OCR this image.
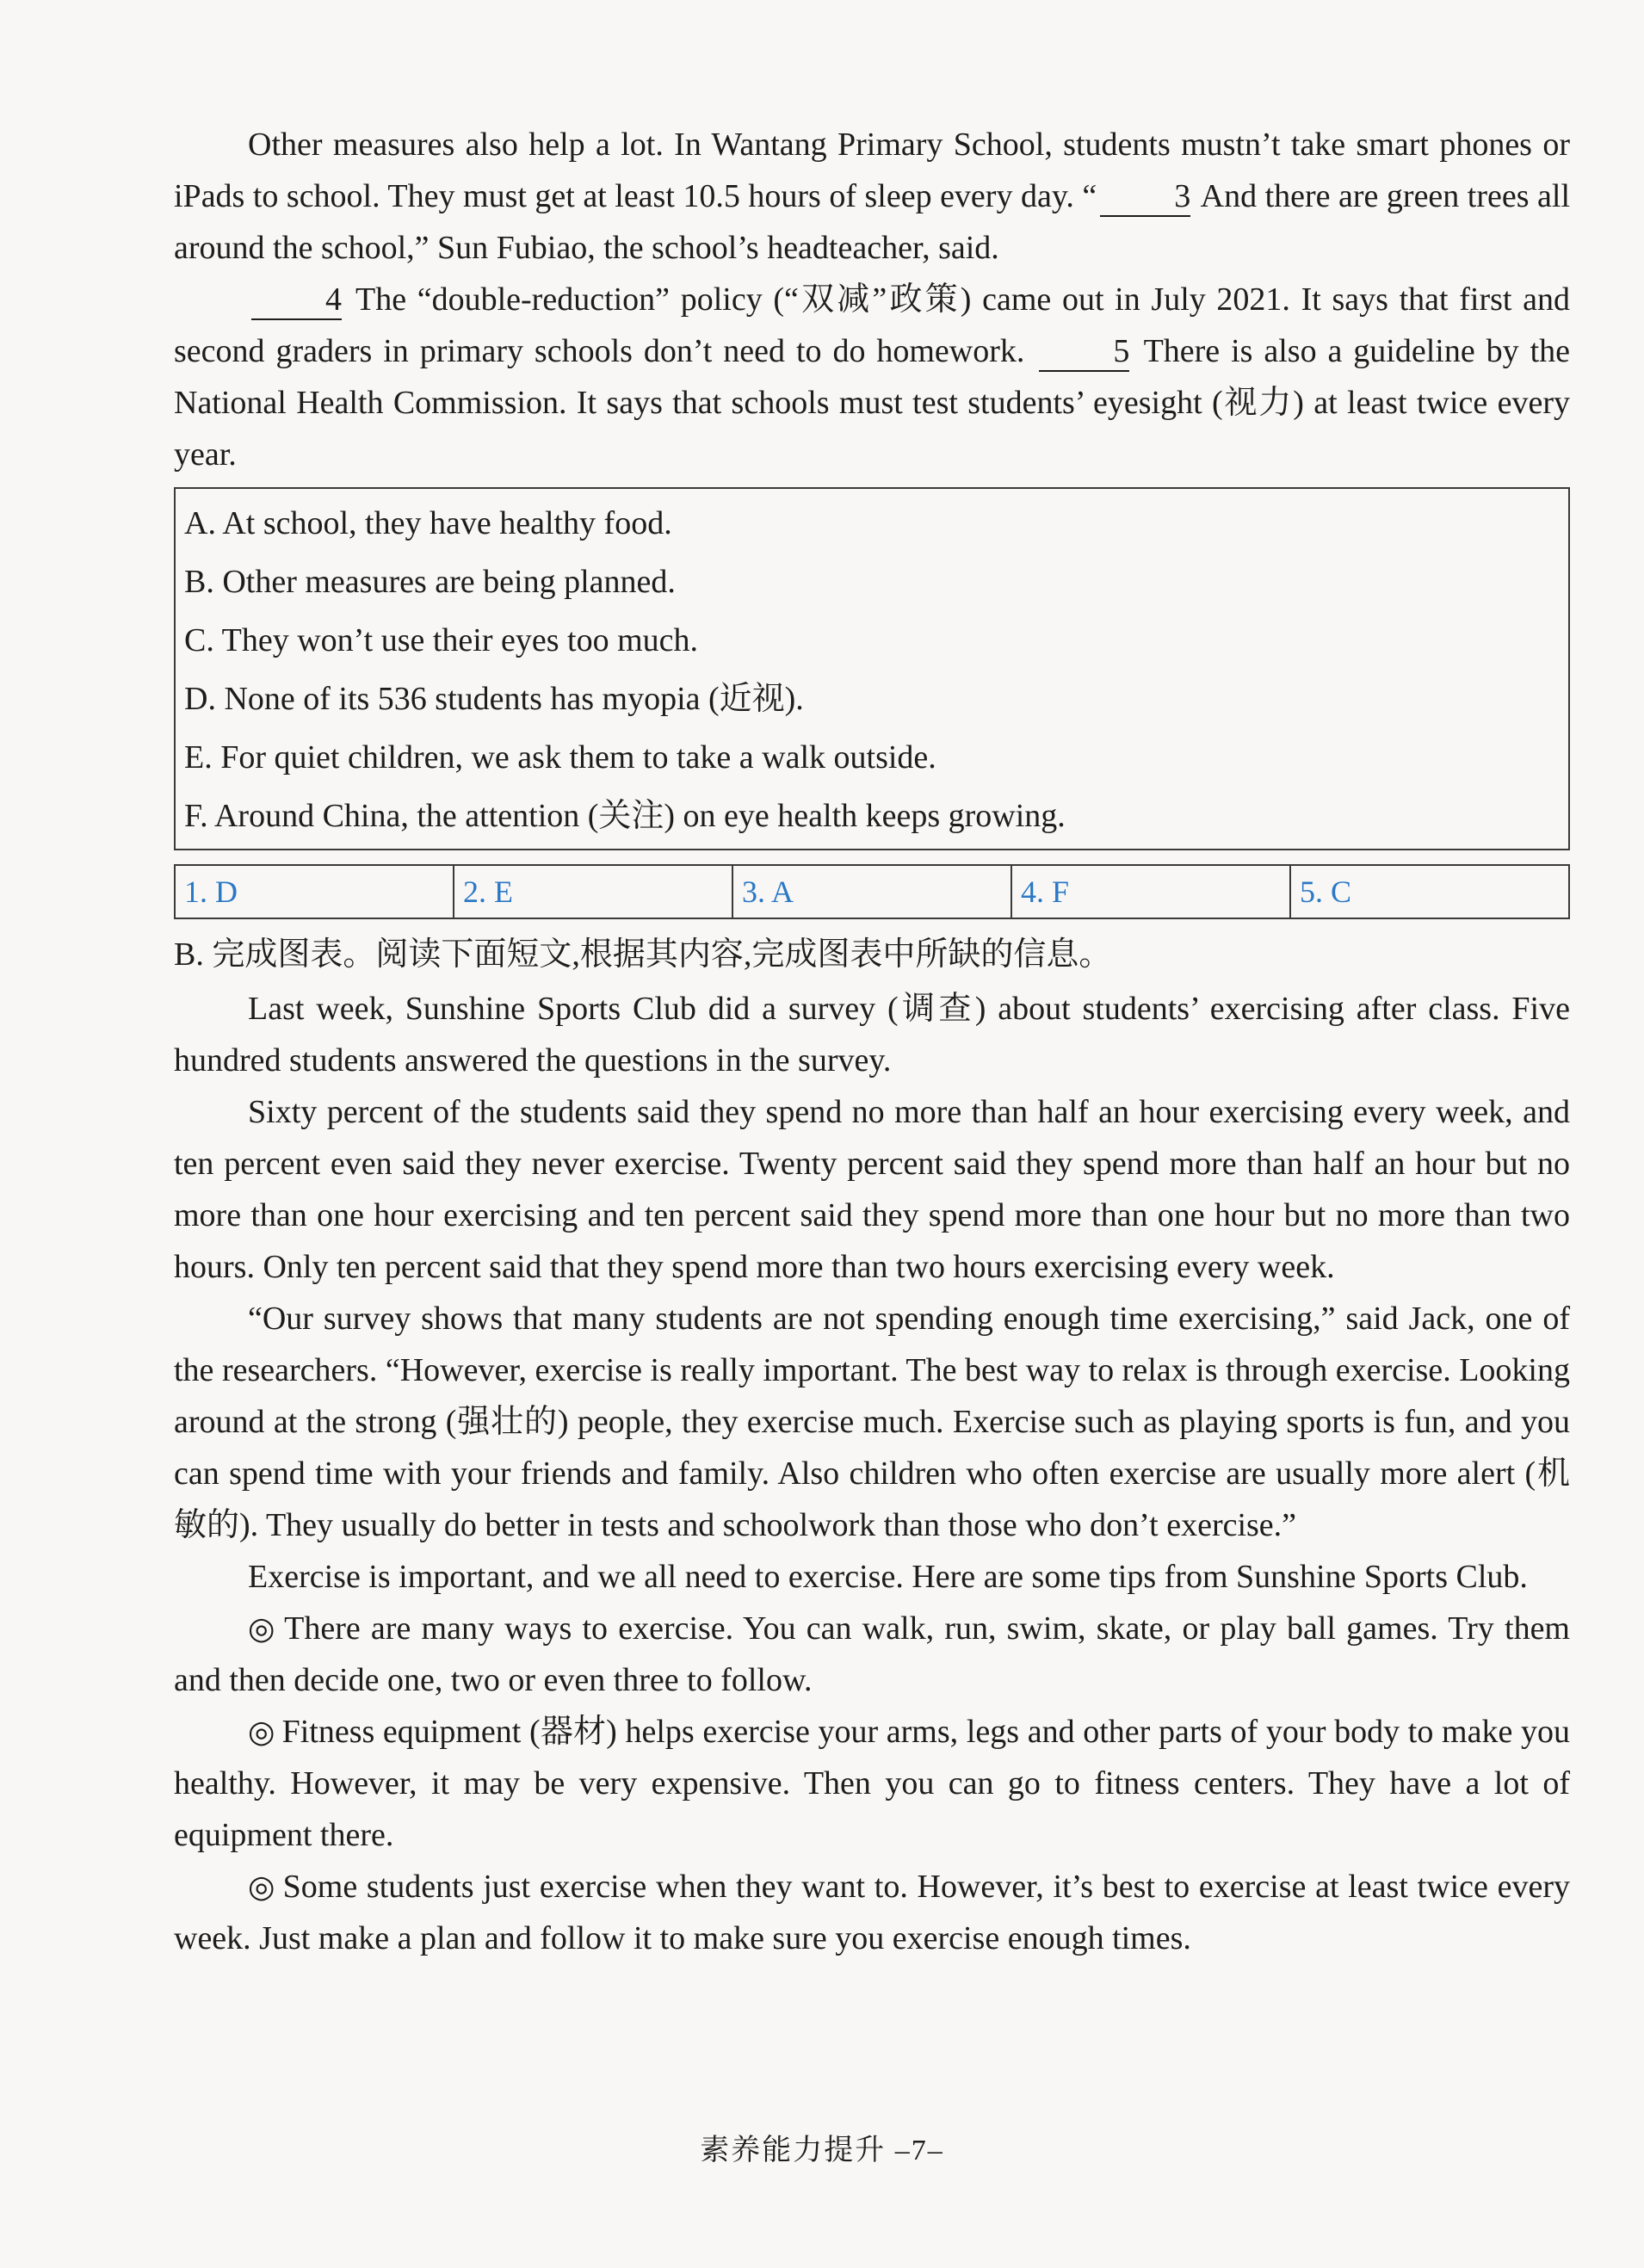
Other measures also help a lot. In Wantang Primary School, students mustn’t take smart phones or iPads to school. They must get at least 10.5 hours of sleep every day. “ 3 And there are green trees all around the school,” Sun Fubiao, the school’s headteacher, said.

4 The “double-reduction” policy (“双减”政策) came out in July 2021. It says that first and second graders in primary schools don’t need to do homework. 5 There is also a guideline by the National Health Commission. It says that schools must test students’ eyesight (视力) at least twice every year.

A. At school, they have healthy food.
B. Other measures are being planned.
C. They won’t use their eyes too much.
D. None of its 536 students has myopia (近视).
E. For quiet children, we ask them to take a walk outside.
F. Around China, the attention (关注) on eye health keeps growing.
1. D	2. E	3. A	4. F	5. C
B. 完成图表。阅读下面短文,根据其内容,完成图表中所缺的信息。

Last week, Sunshine Sports Club did a survey (调查) about students’ exercising after class. Five hundred students answered the questions in the survey.

Sixty percent of the students said they spend no more than half an hour exercising every week, and ten percent even said they never exercise. Twenty percent said they spend more than half an hour but no more than one hour exercising and ten percent said they spend more than one hour but no more than two hours. Only ten percent said that they spend more than two hours exercising every week.

“Our survey shows that many students are not spending enough time exercising,” said Jack, one of the researchers. “However, exercise is really important. The best way to relax is through exercise. Looking around at the strong (强壮的) people, they exercise much. Exercise such as playing sports is fun, and you can spend time with your friends and family. Also children who often exercise are usually more alert (机敏的). They usually do better in tests and schoolwork than those who don’t exercise.”

Exercise is important, and we all need to exercise. Here are some tips from Sunshine Sports Club.

◎ There are many ways to exercise. You can walk, run, swim, skate, or play ball games. Try them and then decide one, two or even three to follow.

◎ Fitness equipment (器材) helps exercise your arms, legs and other parts of your body to make you healthy. However, it may be very expensive. Then you can go to fitness centers. They have a lot of equipment there.

◎ Some students just exercise when they want to. However, it’s best to exercise at least twice every week. Just make a plan and follow it to make sure you exercise enough times.

素养能力提升 –7–
